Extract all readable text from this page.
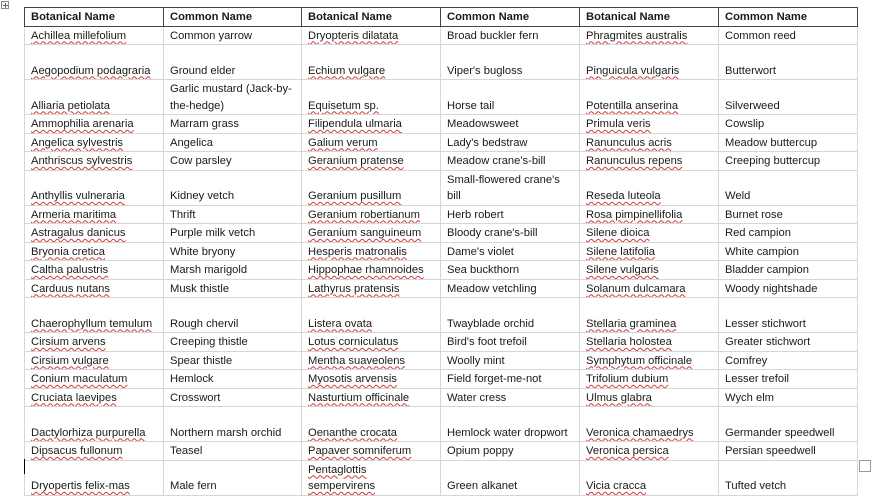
Botanical Name	Common Name	Botanical Name	Common Name	Botanical Name	Common Name
Achillea millefolium	Common yarrow	Dryopteris dilatata	Broad buckler fern	Phragmites australis	Common reed
Aegopodium podagraria	Ground elder	Echium vulgare	Viper's bugloss	Pinguicula vulgaris	Butterwort
Alliaria petiolata	Garlic mustard (Jack-by-the-hedge)	Equisetum sp.	Horse tail	Potentilla anserina	Silverweed
Ammophilia arenaria	Marram grass	Filipendula ulmaria	Meadowsweet	Primula veris	Cowslip
Angelica sylvestris	Angelica	Galium verum	Lady's bedstraw	Ranunculus acris	Meadow buttercup
Anthriscus sylvestris	Cow parsley	Geranium pratense	Meadow crane's-bill	Ranunculus repens	Creeping buttercup
Anthyllis vulneraria	Kidney vetch	Geranium pusillum	Small-flowered crane's bill	Reseda luteola	Weld
Armeria maritima	Thrift	Geranium robertianum	Herb robert	Rosa pimpinellifolia	Burnet rose
Astragalus danicus	Purple milk vetch	Geranium sanguineum	Bloody crane's-bill	Silene dioica	Red campion
Bryonia cretica	White bryony	Hesperis matronalis	Dame's violet	Silene latifolia	White campion
Caltha palustris	Marsh marigold	Hippophae rhamnoides	Sea buckthorn	Silene vulgaris	Bladder campion
Carduus nutans	Musk thistle	Lathyrus pratensis	Meadow vetchling	Solanum dulcamara	Woody nightshade
Chaerophyllum temulum	Rough chervil	Listera ovata	Twayblade orchid	Stellaria graminea	Lesser stichwort
Cirsium arvens	Creeping thistle	Lotus corniculatus	Bird's foot trefoil	Stellaria holostea	Greater stichwort
Cirsium vulgare	Spear thistle	Mentha suaveolens	Woolly mint	Symphytum officinale	Comfrey
Conium maculatum	Hemlock	Myosotis arvensis	Field forget-me-not	Trifolium dubium	Lesser trefoil
Cruciata laevipes	Crosswort	Nasturtium officinale	Water cress	Ulmus glabra	Wych elm
Dactylorhiza purpurella	Northern marsh orchid	Oenanthe crocata	Hemlock water dropwort	Veronica chamaedrys	Germander speedwell
Dipsacus fullonum	Teasel	Papaver somniferum	Opium poppy	Veronica persica	Persian speedwell
Dryopertis felix-mas	Male fern	Pentaglottis sempervirens	Green alkanet	Vicia cracca	Tufted vetch
